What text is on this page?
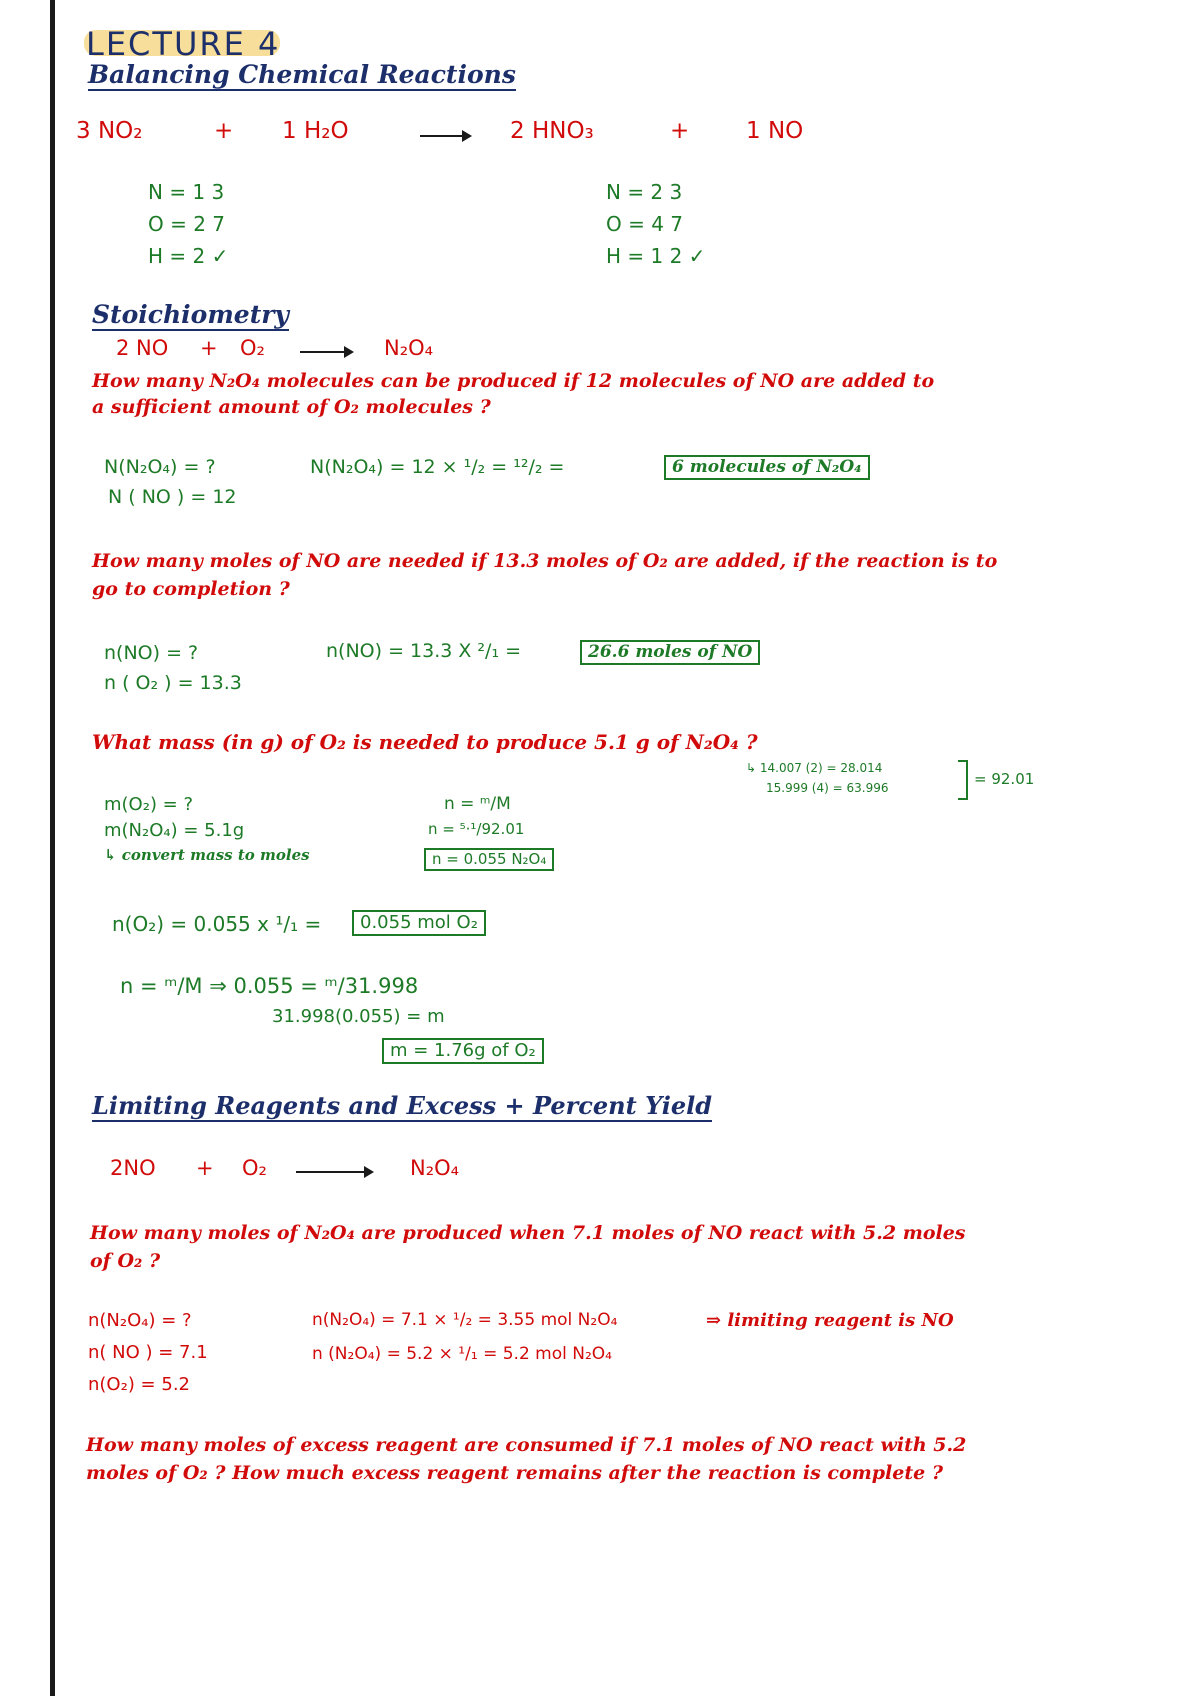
LECTURE 4
Balancing Chemical Reactions
3 NO₂	+ 1 H₂O	2 HNO₃	+ 1 NO
N = 1 3
O = 2 7
H = 2 ✓
N = 2 3
O = 4 7
H = 1 2 ✓
Stoichiometry
2 NO + O₂	N₂O₄
How many N₂O₄ molecules can be produced if 12 molecules of NO are added to
a sufficient amount of O₂ molecules ?
N(N₂O₄) = ?
N ( NO ) = 12
N(N₂O₄) = 12 × ¹/₂ = ¹²/₂ =	6 molecules of N₂O₄
How many moles of NO are needed if 13.3 moles of O₂ are added, if the reaction is to
go to completion ?
n(NO) = ?
n ( O₂ ) = 13.3
n(NO) = 13.3 X ²/₁ =	26.6 moles of NO
What mass (in g) of O₂ is needed to produce 5.1 g of N₂O₄ ?
↳ 14.007 (2) = 28.014
15.999 (4) = 63.996	= 92.01
m(O₂) = ?
m(N₂O₄) = 5.1g
↳ convert mass to moles
n = ᵐ/M
n = ⁵·¹/92.01
n = 0.055 N₂O₄
n(O₂) = 0.055 x ¹/₁ =	0.055 mol O₂
n = ᵐ/M ⇒ 0.055 = ᵐ/31.998
31.998(0.055) = m
m = 1.76g of O₂
Limiting Reagents and Excess + Percent Yield
2NO + O₂	N₂O₄
How many moles of N₂O₄ are produced when 7.1 moles of NO react with 5.2 moles
of O₂ ?
n(N₂O₄) = ?
n( NO ) = 7.1
n(O₂) = 5.2
n(N₂O₄) = 7.1 × ¹/₂ = 3.55 mol N₂O₄	⇒ limiting reagent is NO
n (N₂O₄) = 5.2 × ¹/₁ = 5.2 mol N₂O₄
How many moles of excess reagent are consumed if 7.1 moles of NO react with 5.2
moles of O₂ ? How much excess reagent remains after the reaction is complete ?
